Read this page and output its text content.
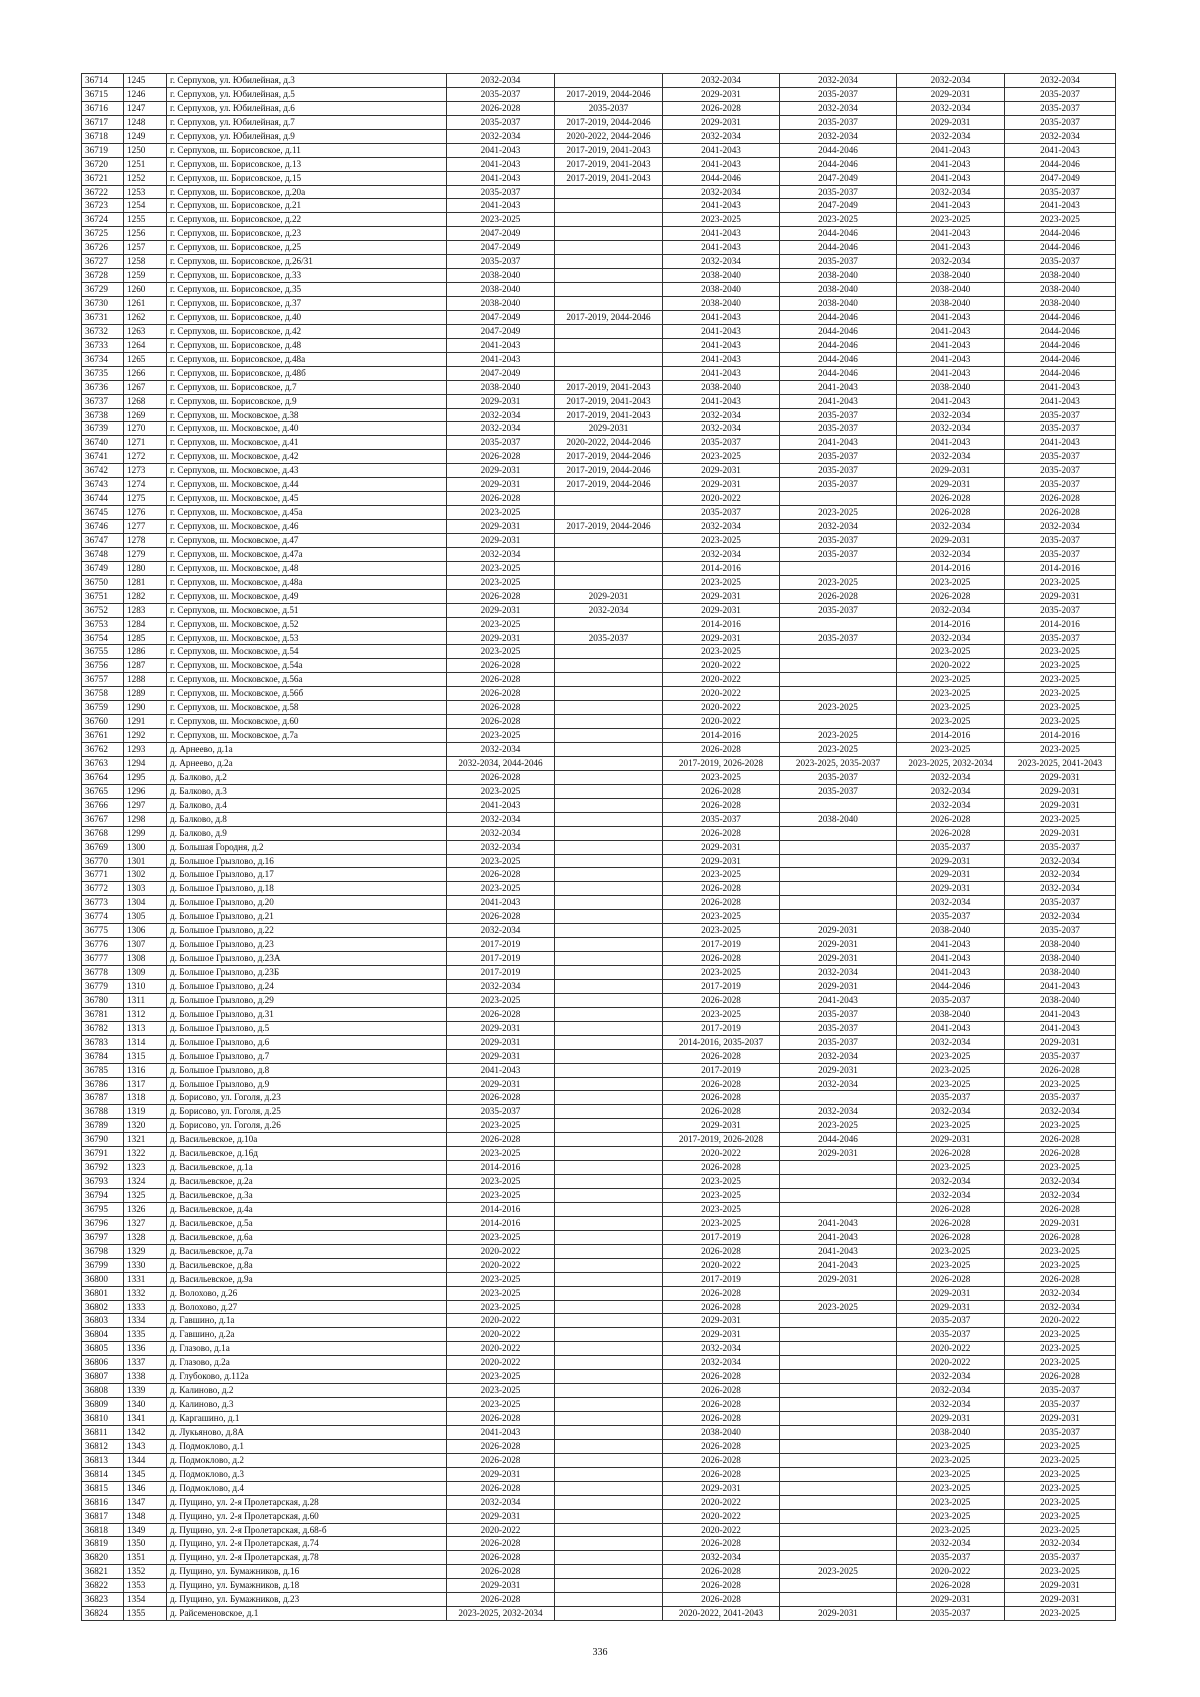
36714	1245	г. Серпухов, ул. Юбилейная, д.3	2032-2034		2032-2034	2032-2034	2032-2034	2032-2034
36715	1246	г. Серпухов, ул. Юбилейная, д.5	2035-2037	2017-2019, 2044-2046	2029-2031	2035-2037	2029-2031	2035-2037
36716	1247	г. Серпухов, ул. Юбилейная, д.6	2026-2028	2035-2037	2026-2028	2032-2034	2032-2034	2035-2037
36717	1248	г. Серпухов, ул. Юбилейная, д.7	2035-2037	2017-2019, 2044-2046	2029-2031	2035-2037	2029-2031	2035-2037
36718	1249	г. Серпухов, ул. Юбилейная, д.9	2032-2034	2020-2022, 2044-2046	2032-2034	2032-2034	2032-2034	2032-2034
36719	1250	г. Серпухов, ш. Борисовское, д.11	2041-2043	2017-2019, 2041-2043	2041-2043	2044-2046	2041-2043	2041-2043
36720	1251	г. Серпухов, ш. Борисовское, д.13	2041-2043	2017-2019, 2041-2043	2041-2043	2044-2046	2041-2043	2044-2046
36721	1252	г. Серпухов, ш. Борисовское, д.15	2041-2043	2017-2019, 2041-2043	2044-2046	2047-2049	2041-2043	2047-2049
36722	1253	г. Серпухов, ш. Борисовское, д.20а	2035-2037		2032-2034	2035-2037	2032-2034	2035-2037
36723	1254	г. Серпухов, ш. Борисовское, д.21	2041-2043		2041-2043	2047-2049	2041-2043	2041-2043
36724	1255	г. Серпухов, ш. Борисовское, д.22	2023-2025		2023-2025	2023-2025	2023-2025	2023-2025
36725	1256	г. Серпухов, ш. Борисовское, д.23	2047-2049		2041-2043	2044-2046	2041-2043	2044-2046
36726	1257	г. Серпухов, ш. Борисовское, д.25	2047-2049		2041-2043	2044-2046	2041-2043	2044-2046
36727	1258	г. Серпухов, ш. Борисовское, д.26/31	2035-2037		2032-2034	2035-2037	2032-2034	2035-2037
36728	1259	г. Серпухов, ш. Борисовское, д.33	2038-2040		2038-2040	2038-2040	2038-2040	2038-2040
36729	1260	г. Серпухов, ш. Борисовское, д.35	2038-2040		2038-2040	2038-2040	2038-2040	2038-2040
36730	1261	г. Серпухов, ш. Борисовское, д.37	2038-2040		2038-2040	2038-2040	2038-2040	2038-2040
36731	1262	г. Серпухов, ш. Борисовское, д.40	2047-2049	2017-2019, 2044-2046	2041-2043	2044-2046	2041-2043	2044-2046
36732	1263	г. Серпухов, ш. Борисовское, д.42	2047-2049		2041-2043	2044-2046	2041-2043	2044-2046
36733	1264	г. Серпухов, ш. Борисовское, д.48	2041-2043		2041-2043	2044-2046	2041-2043	2044-2046
36734	1265	г. Серпухов, ш. Борисовское, д.48а	2041-2043		2041-2043	2044-2046	2041-2043	2044-2046
36735	1266	г. Серпухов, ш. Борисовское, д.48б	2047-2049		2041-2043	2044-2046	2041-2043	2044-2046
36736	1267	г. Серпухов, ш. Борисовское, д.7	2038-2040	2017-2019, 2041-2043	2038-2040	2041-2043	2038-2040	2041-2043
36737	1268	г. Серпухов, ш. Борисовское, д.9	2029-2031	2017-2019, 2041-2043	2041-2043	2041-2043	2041-2043	2041-2043
36738	1269	г. Серпухов, ш. Московское, д.38	2032-2034	2017-2019, 2041-2043	2032-2034	2035-2037	2032-2034	2035-2037
36739	1270	г. Серпухов, ш. Московское, д.40	2032-2034	2029-2031	2032-2034	2035-2037	2032-2034	2035-2037
36740	1271	г. Серпухов, ш. Московское, д.41	2035-2037	2020-2022, 2044-2046	2035-2037	2041-2043	2041-2043	2041-2043
36741	1272	г. Серпухов, ш. Московское, д.42	2026-2028	2017-2019, 2044-2046	2023-2025	2035-2037	2032-2034	2035-2037
36742	1273	г. Серпухов, ш. Московское, д.43	2029-2031	2017-2019, 2044-2046	2029-2031	2035-2037	2029-2031	2035-2037
36743	1274	г. Серпухов, ш. Московское, д.44	2029-2031	2017-2019, 2044-2046	2029-2031	2035-2037	2029-2031	2035-2037
36744	1275	г. Серпухов, ш. Московское, д.45	2026-2028		2020-2022		2026-2028	2026-2028
36745	1276	г. Серпухов, ш. Московское, д.45а	2023-2025		2035-2037	2023-2025	2026-2028	2026-2028
36746	1277	г. Серпухов, ш. Московское, д.46	2029-2031	2017-2019, 2044-2046	2032-2034	2032-2034	2032-2034	2032-2034
36747	1278	г. Серпухов, ш. Московское, д.47	2029-2031		2023-2025	2035-2037	2029-2031	2035-2037
36748	1279	г. Серпухов, ш. Московское, д.47а	2032-2034		2032-2034	2035-2037	2032-2034	2035-2037
36749	1280	г. Серпухов, ш. Московское, д.48	2023-2025		2014-2016		2014-2016	2014-2016
36750	1281	г. Серпухов, ш. Московское, д.48а	2023-2025		2023-2025	2023-2025	2023-2025	2023-2025
36751	1282	г. Серпухов, ш. Московское, д.49	2026-2028	2029-2031	2029-2031	2026-2028	2026-2028	2029-2031
36752	1283	г. Серпухов, ш. Московское, д.51	2029-2031	2032-2034	2029-2031	2035-2037	2032-2034	2035-2037
36753	1284	г. Серпухов, ш. Московское, д.52	2023-2025		2014-2016		2014-2016	2014-2016
36754	1285	г. Серпухов, ш. Московское, д.53	2029-2031	2035-2037	2029-2031	2035-2037	2032-2034	2035-2037
36755	1286	г. Серпухов, ш. Московское, д.54	2023-2025		2023-2025		2023-2025	2023-2025
36756	1287	г. Серпухов, ш. Московское, д.54а	2026-2028		2020-2022		2020-2022	2023-2025
36757	1288	г. Серпухов, ш. Московское, д.56а	2026-2028		2020-2022		2023-2025	2023-2025
36758	1289	г. Серпухов, ш. Московское, д.56б	2026-2028		2020-2022		2023-2025	2023-2025
36759	1290	г. Серпухов, ш. Московское, д.58	2026-2028		2020-2022	2023-2025	2023-2025	2023-2025
36760	1291	г. Серпухов, ш. Московское, д.60	2026-2028		2020-2022		2023-2025	2023-2025
36761	1292	г. Серпухов, ш. Московское, д.7а	2023-2025		2014-2016	2023-2025	2014-2016	2014-2016
36762	1293	д. Арнеево, д.1а	2032-2034		2026-2028	2023-2025	2023-2025	2023-2025
36763	1294	д. Арнеево, д.2а	2032-2034, 2044-2046		2017-2019, 2026-2028	2023-2025, 2035-2037	2023-2025, 2032-2034	2023-2025, 2041-2043
36764	1295	д. Балково, д.2	2026-2028		2023-2025	2035-2037	2032-2034	2029-2031
36765	1296	д. Балково, д.3	2023-2025		2026-2028	2035-2037	2032-2034	2029-2031
36766	1297	д. Балково, д.4	2041-2043		2026-2028		2032-2034	2029-2031
36767	1298	д. Балково, д.8	2032-2034		2035-2037	2038-2040	2026-2028	2023-2025
36768	1299	д. Балково, д.9	2032-2034		2026-2028		2026-2028	2029-2031
36769	1300	д. Большая Городня, д.2	2032-2034		2029-2031		2035-2037	2035-2037
36770	1301	д. Большое Грызлово, д.16	2023-2025		2029-2031		2029-2031	2032-2034
36771	1302	д. Большое Грызлово, д.17	2026-2028		2023-2025		2029-2031	2032-2034
36772	1303	д. Большое Грызлово, д.18	2023-2025		2026-2028		2029-2031	2032-2034
36773	1304	д. Большое Грызлово, д.20	2041-2043		2026-2028		2032-2034	2035-2037
36774	1305	д. Большое Грызлово, д.21	2026-2028		2023-2025		2035-2037	2032-2034
36775	1306	д. Большое Грызлово, д.22	2032-2034		2023-2025	2029-2031	2038-2040	2035-2037
36776	1307	д. Большое Грызлово, д.23	2017-2019		2017-2019	2029-2031	2041-2043	2038-2040
36777	1308	д. Большое Грызлово, д.23А	2017-2019		2026-2028	2029-2031	2041-2043	2038-2040
36778	1309	д. Большое Грызлово, д.23Б	2017-2019		2023-2025	2032-2034	2041-2043	2038-2040
36779	1310	д. Большое Грызлово, д.24	2032-2034		2017-2019	2029-2031	2044-2046	2041-2043
36780	1311	д. Большое Грызлово, д.29	2023-2025		2026-2028	2041-2043	2035-2037	2038-2040
36781	1312	д. Большое Грызлово, д.31	2026-2028		2023-2025	2035-2037	2038-2040	2041-2043
36782	1313	д. Большое Грызлово, д.5	2029-2031		2017-2019	2035-2037	2041-2043	2041-2043
36783	1314	д. Большое Грызлово, д.6	2029-2031		2014-2016, 2035-2037	2035-2037	2032-2034	2029-2031
36784	1315	д. Большое Грызлово, д.7	2029-2031		2026-2028	2032-2034	2023-2025	2035-2037
36785	1316	д. Большое Грызлово, д.8	2041-2043		2017-2019	2029-2031	2023-2025	2026-2028
36786	1317	д. Большое Грызлово, д.9	2029-2031		2026-2028	2032-2034	2023-2025	2023-2025
36787	1318	д. Борисово, ул. Гоголя, д.23	2026-2028		2026-2028		2035-2037	2035-2037
36788	1319	д. Борисово, ул. Гоголя, д.25	2035-2037		2026-2028	2032-2034	2032-2034	2032-2034
36789	1320	д. Борисово, ул. Гоголя, д.26	2023-2025		2029-2031	2023-2025	2023-2025	2023-2025
36790	1321	д. Васильевское, д.10а	2026-2028		2017-2019, 2026-2028	2044-2046	2029-2031	2026-2028
36791	1322	д. Васильевское, д.16д	2023-2025		2020-2022	2029-2031	2026-2028	2026-2028
36792	1323	д. Васильевское, д.1а	2014-2016		2026-2028		2023-2025	2023-2025
36793	1324	д. Васильевское, д.2а	2023-2025		2023-2025		2032-2034	2032-2034
36794	1325	д. Васильевское, д.3а	2023-2025		2023-2025		2032-2034	2032-2034
36795	1326	д. Васильевское, д.4а	2014-2016		2023-2025		2026-2028	2026-2028
36796	1327	д. Васильевское, д.5а	2014-2016		2023-2025	2041-2043	2026-2028	2029-2031
36797	1328	д. Васильевское, д.6а	2023-2025		2017-2019	2041-2043	2026-2028	2026-2028
36798	1329	д. Васильевское, д.7а	2020-2022		2026-2028	2041-2043	2023-2025	2023-2025
36799	1330	д. Васильевское, д.8а	2020-2022		2020-2022	2041-2043	2023-2025	2023-2025
36800	1331	д. Васильевское, д.9а	2023-2025		2017-2019	2029-2031	2026-2028	2026-2028
36801	1332	д. Волохово, д.26	2023-2025		2026-2028		2029-2031	2032-2034
36802	1333	д. Волохово, д.27	2023-2025		2026-2028	2023-2025	2029-2031	2032-2034
36803	1334	д. Гавшино, д.1а	2020-2022		2029-2031		2035-2037	2020-2022
36804	1335	д. Гавшино, д.2а	2020-2022		2029-2031		2035-2037	2023-2025
36805	1336	д. Глазово, д.1а	2020-2022		2032-2034		2020-2022	2023-2025
36806	1337	д. Глазово, д.2а	2020-2022		2032-2034		2020-2022	2023-2025
36807	1338	д. Глубоково, д.112а	2023-2025		2026-2028		2032-2034	2026-2028
36808	1339	д. Калиново, д.2	2023-2025		2026-2028		2032-2034	2035-2037
36809	1340	д. Калиново, д.3	2023-2025		2026-2028		2032-2034	2035-2037
36810	1341	д. Каргашино, д.1	2026-2028		2026-2028		2029-2031	2029-2031
36811	1342	д. Лукьяново, д.8А	2041-2043		2038-2040		2038-2040	2035-2037
36812	1343	д. Подмоклово, д.1	2026-2028		2026-2028		2023-2025	2023-2025
36813	1344	д. Подмоклово, д.2	2026-2028		2026-2028		2023-2025	2023-2025
36814	1345	д. Подмоклово, д.3	2029-2031		2026-2028		2023-2025	2023-2025
36815	1346	д. Подмоклово, д.4	2026-2028		2029-2031		2023-2025	2023-2025
36816	1347	д. Пущино, ул. 2-я Пролетарская, д.28	2032-2034		2020-2022		2023-2025	2023-2025
36817	1348	д. Пущино, ул. 2-я Пролетарская, д.60	2029-2031		2020-2022		2023-2025	2023-2025
36818	1349	д. Пущино, ул. 2-я Пролетарская, д.68-б	2020-2022		2020-2022		2023-2025	2023-2025
36819	1350	д. Пущино, ул. 2-я Пролетарская, д.74	2026-2028		2026-2028		2032-2034	2032-2034
36820	1351	д. Пущино, ул. 2-я Пролетарская, д.78	2026-2028		2032-2034		2035-2037	2035-2037
36821	1352	д. Пущино, ул. Бумажников, д.16	2026-2028		2026-2028	2023-2025	2020-2022	2023-2025
36822	1353	д. Пущино, ул. Бумажников, д.18	2029-2031		2026-2028		2026-2028	2029-2031
36823	1354	д. Пущино, ул. Бумажников, д.23	2026-2028		2026-2028		2029-2031	2029-2031
36824	1355	д. Райсеменовское, д.1	2023-2025, 2032-2034		2020-2022, 2041-2043	2029-2031	2035-2037	2023-2025
336
